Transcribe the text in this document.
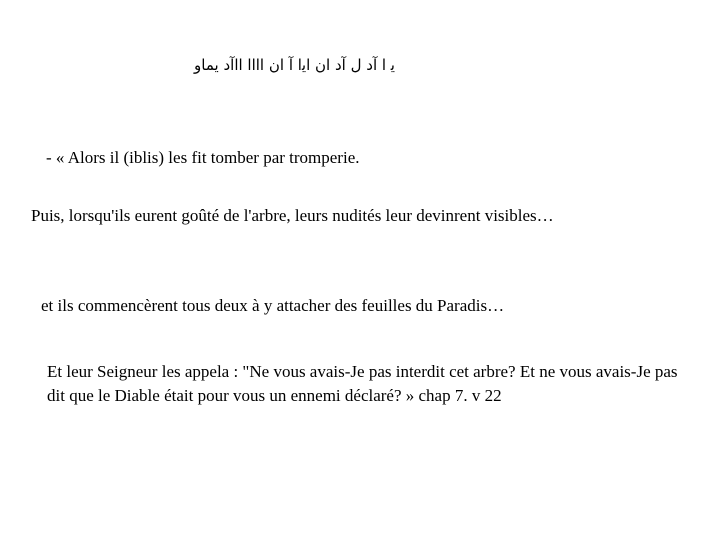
ﻳ ﺍ ﺁﺩ ﻝ ﺁﺩ ﺍﻥ ﺍﻳﺍ ﺁ ﺍﻥ ﺍﺍﺍﺍ ﺍﺍﺁﺩ ﻳﻤﺎﻭ

- « Alors il (iblis) les fit tomber par tromperie.

Puis, lorsqu'ils eurent goûté de l'arbre, leurs nudités leur devinrent visibles…

et ils commencèrent tous deux à y attacher des feuilles du Paradis…

Et leur Seigneur les appela : "Ne vous avais-Je pas interdit cet arbre? Et ne vous avais-Je pas dit que le Diable était pour vous un ennemi déclaré? » chap 7. v 22
